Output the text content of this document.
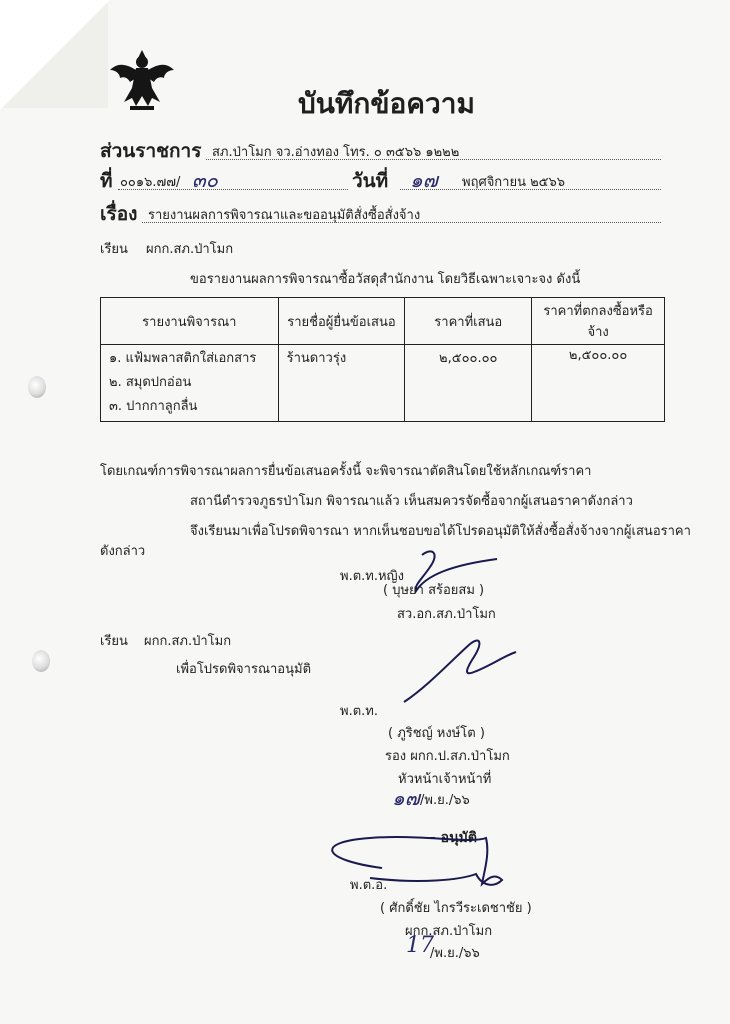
บันทึกข้อความ
ส่วนราชการ สภ.ป่าโมก จว.อ่างทอง โทร. ๐ ๓๕๖๖ ๑๒๒๒
ที่ ๐๐๑๖.๗๗/ ๓๐	วันที่ ๑๗ พฤศจิกายน ๒๕๖๖
เรื่อง รายงานผลการพิจารณาและขออนุมัติสั่งซื้อสั่งจ้าง
เรียน ผกก.สภ.ป่าโมก
ขอรายงานผลการพิจารณาซื้อวัสดุสำนักงาน โดยวิธีเฉพาะเจาะจง ดังนี้
รายงานพิจารณา	รายชื่อผู้ยื่นข้อเสนอ	ราคาที่เสนอ	ราคาที่ตกลงซื้อหรือจ้าง

๑. แฟ้มพลาสติกใส่เอกสาร
๒. สมุดปกอ่อน
๓. ปากกาลูกลื่น	ร้านดาวรุ่ง	๒,๕๐๐.๐๐	๒,๕๐๐.๐๐
โดยเกณฑ์การพิจารณาผลการยื่นข้อเสนอครั้งนี้ จะพิจารณาตัดสินโดยใช้หลักเกณฑ์ราคา
สถานีตำรวจภูธรป่าโมก พิจารณาแล้ว เห็นสมควรจัดซื้อจากผู้เสนอราคาดังกล่าว
จึงเรียนมาเพื่อโปรดพิจารณา หากเห็นชอบขอได้โปรดอนุมัติให้สั่งซื้อสั่งจ้างจากผู้เสนอราคา
ดังกล่าว
พ.ต.ท.หญิง
( บุษยา สร้อยสม )
สว.อก.สภ.ป่าโมก
เรียน ผกก.สภ.ป่าโมก
เพื่อโปรดพิจารณาอนุมัติ
พ.ต.ท.
( ภูริชญ์ หงษ์โต )
รอง ผกก.ป.สภ.ป่าโมก
หัวหน้าเจ้าหน้าที่
๑๗ /พ.ย./๖๖
- อนุมัติ
พ.ต.อ.
( ศักดิ์ชัย ไกรวีระเดชาชัย )
ผกก.สภ.ป่าโมก
17
/พ.ย./๖๖
